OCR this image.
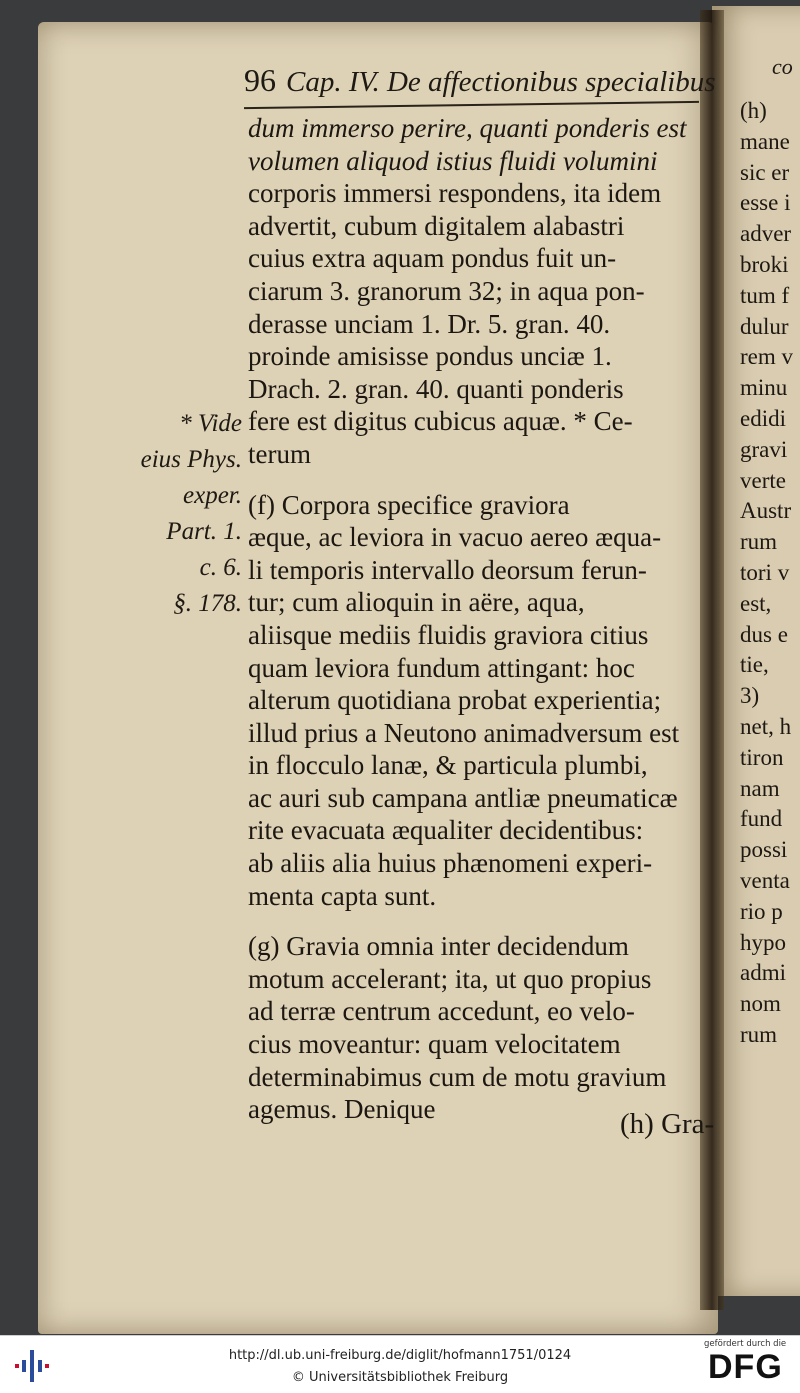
96 Cap. IV. De affectionibus specialibus
dum immerso perire, quanti ponderis est
volumen aliquod istius fluidi volumini
corporis immersi respondens, ita idem
advertit, cubum digitalem alabastri
cuius extra aquam pondus fuit un-
ciarum 3. granorum 32; in aqua pon-
derasse unciam 1. Dr. 5. gran. 40.
proinde amisisse pondus unciæ 1.
Drach. 2. gran. 40. quanti ponderis
fere est digitus cubicus aquæ. * Ce-
terum
(f) Corpora specifice graviora
æque, ac leviora in vacuo aereo æqua-
li temporis intervallo deorsum ferun-
tur; cum alioquin in aëre, aqua,
aliisque mediis fluidis graviora citius
quam leviora fundum attingant: hoc
alterum quotidiana probat experientia;
illud prius a Neutono animadversum est
in flocculo lanæ, & particula plumbi,
ac auri sub campana antliæ pneumaticæ
rite evacuata æqualiter decidentibus:
ab aliis alia huius phænomeni experi-
menta capta sunt.
(g) Gravia omnia inter decidendum
motum accelerant; ita, ut quo propius
ad terræ centrum accedunt, eo velo-
cius moveantur: quam velocitatem
determinabimus cum de motu gravium
agemus. Denique
* Vide
eius Phys.
exper.
Part. 1.
c. 6.
§. 178.
(h) Gra-
co
(h)
mane
sic er
esse i
adver
broki
tum f
dulur
rem v
minu
edidi
gravi
verte
Austr
rum
tori v
est,
dus e
tie,
3)
net, h
tiron
nam
fund
possi
venta
rio p
hypo
admi
nom
rum
http://dl.ub.uni-freiburg.de/diglit/hofmann1751/0124
© Universitätsbibliothek Freiburg
gefördert durch die
DFG
